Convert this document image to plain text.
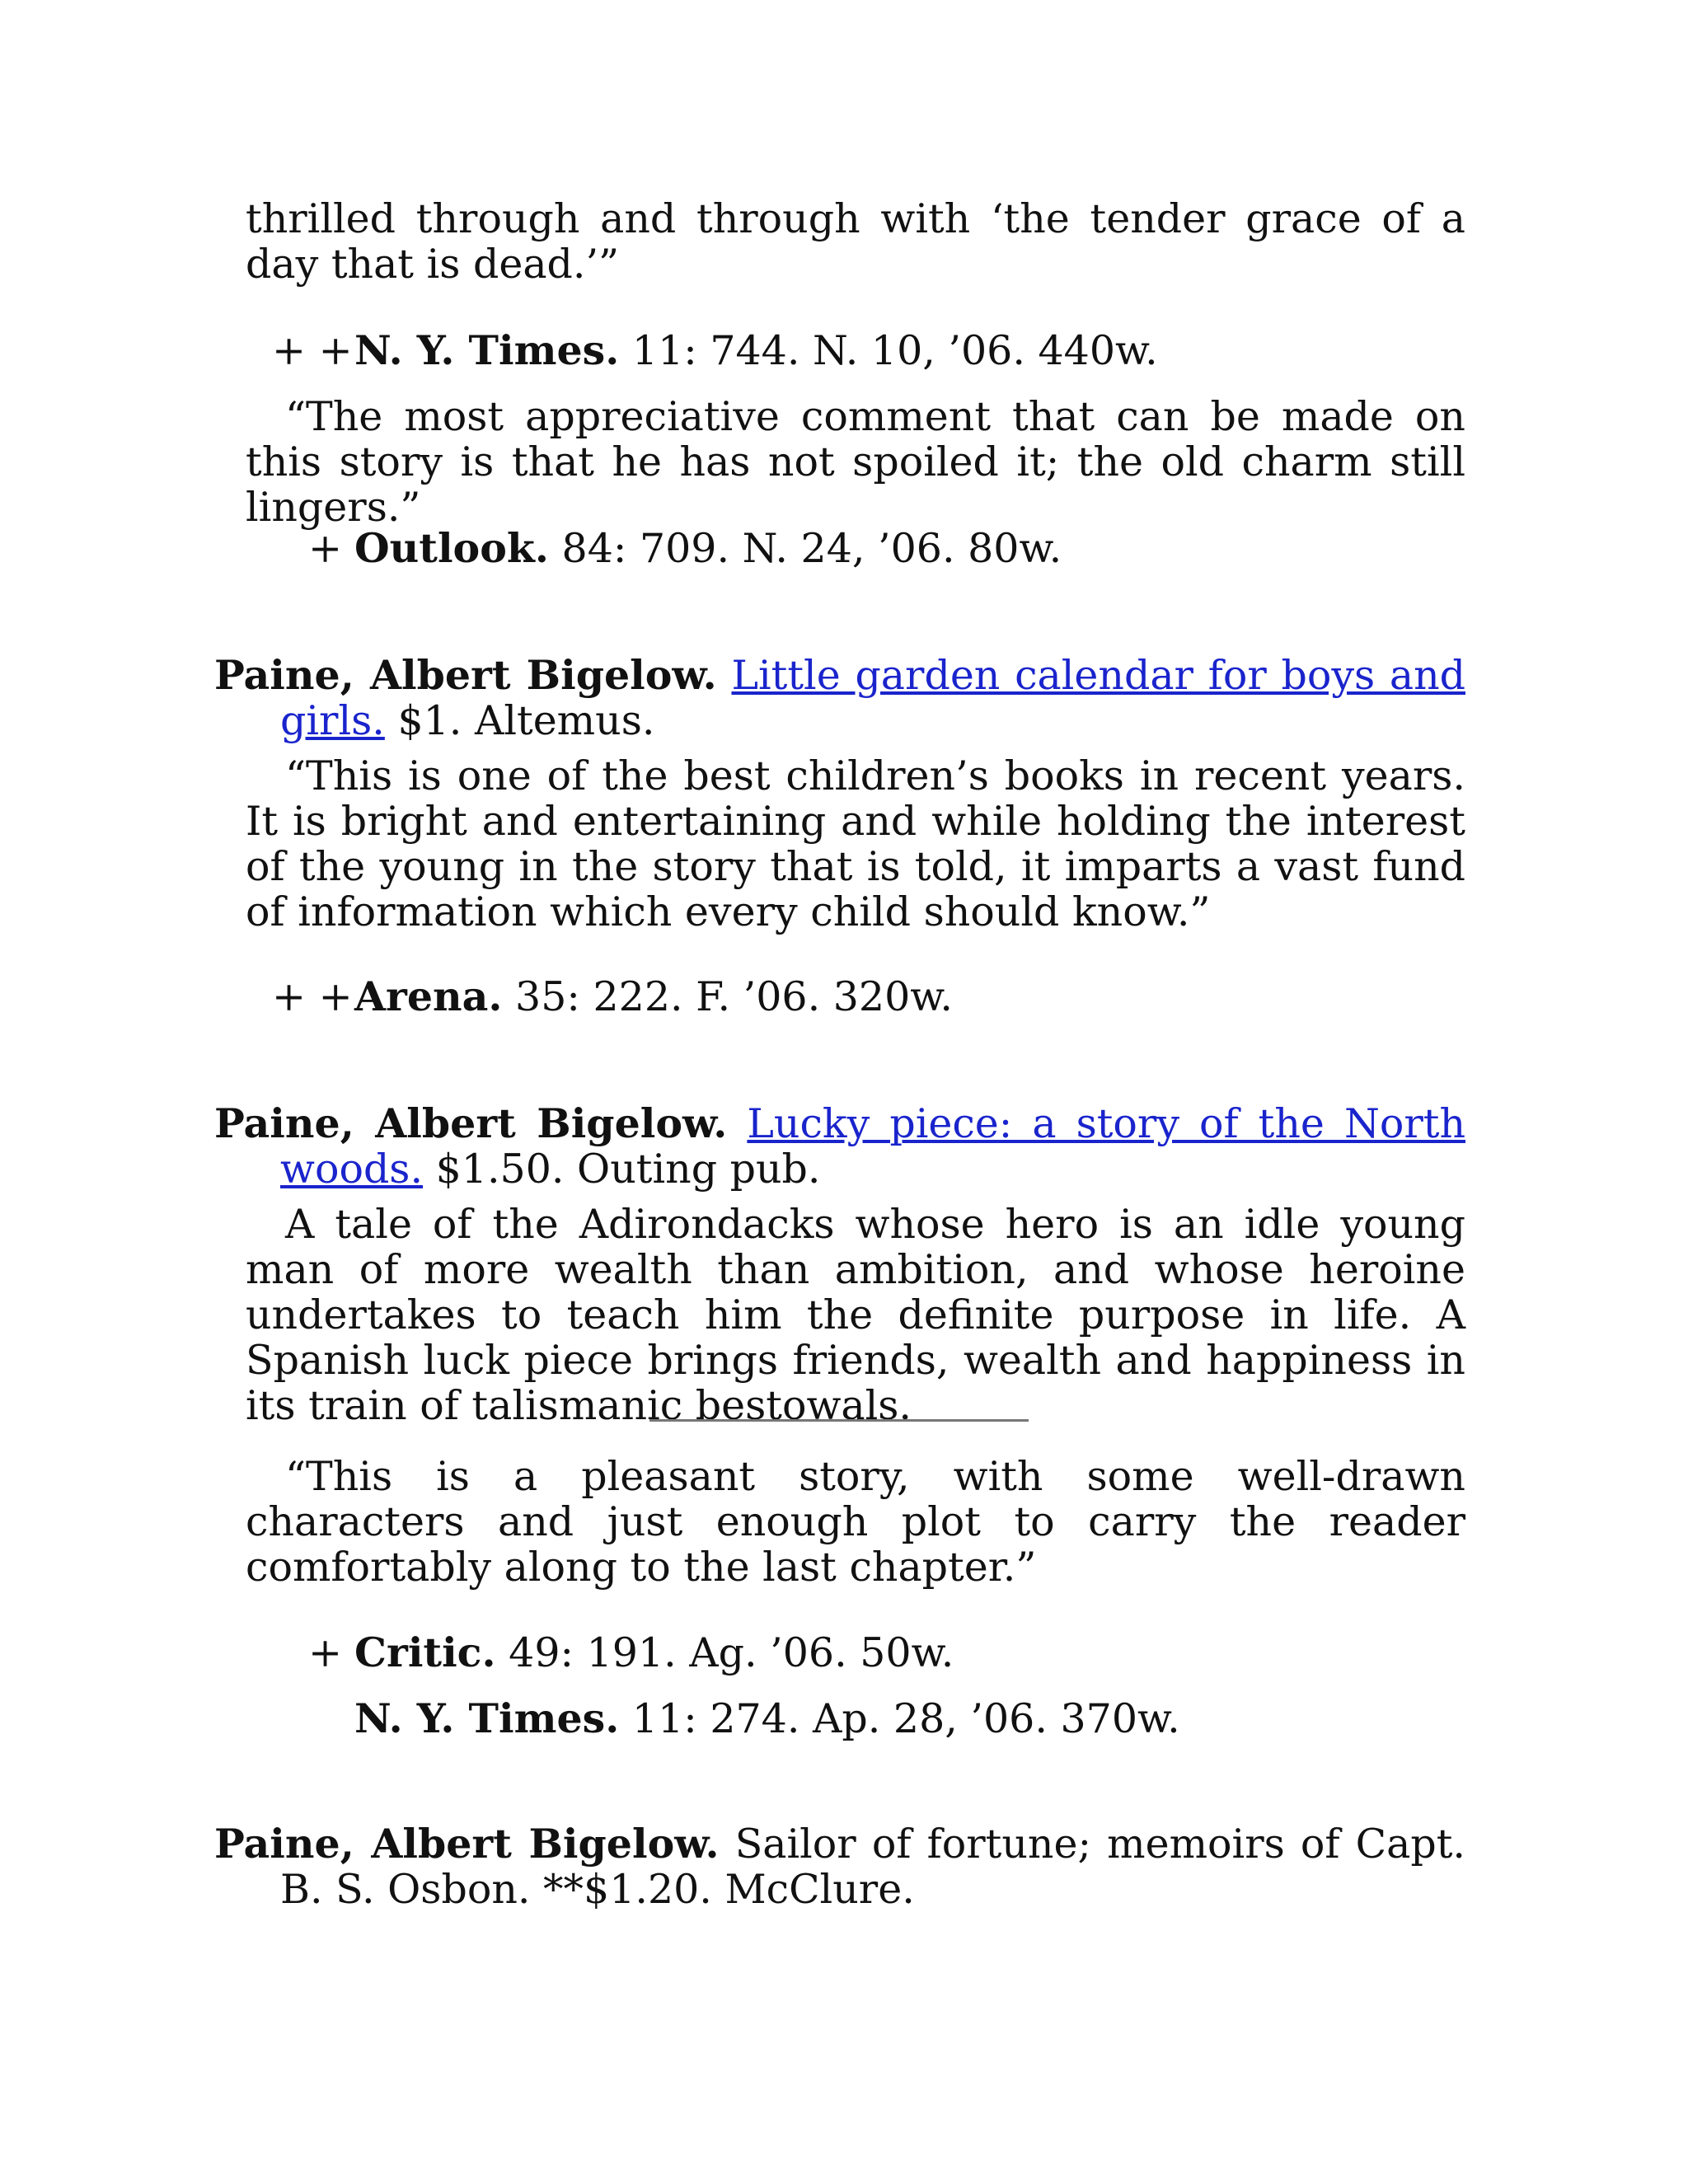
thrilled through and through with ‘the tender grace of a day that is dead.’”

+ + N. Y. Times. 11: 744. N. 10, ’06. 440w.

“The most appreciative comment that can be made on this story is that he has not spoiled it; the old charm still lingers.”

+ Outlook. 84: 709. N. 24, ’06. 80w.

Paine, Albert Bigelow. Little garden calendar for boys and girls. $1. Altemus.

“This is one of the best children’s books in recent years. It is bright and entertaining and while holding the interest of the young in the story that is told, it imparts a vast fund of information which every child should know.”

+ + Arena. 35: 222. F. ’06. 320w.

Paine, Albert Bigelow. Lucky piece: a story of the North woods. $1.50. Outing pub.

A tale of the Adirondacks whose hero is an idle young man of more wealth than ambition, and whose heroine undertakes to teach him the definite purpose in life. A Spanish luck piece brings friends, wealth and happiness in its train of talismanic bestowals.

“This is a pleasant story, with some well-drawn characters and just enough plot to carry the reader comfortably along to the last chapter.”

+ Critic. 49: 191. Ag. ’06. 50w.
N. Y. Times. 11: 274. Ap. 28, ’06. 370w.

Paine, Albert Bigelow. Sailor of fortune; memoirs of Capt. B. S. Osbon. **$1.20. McClure.
